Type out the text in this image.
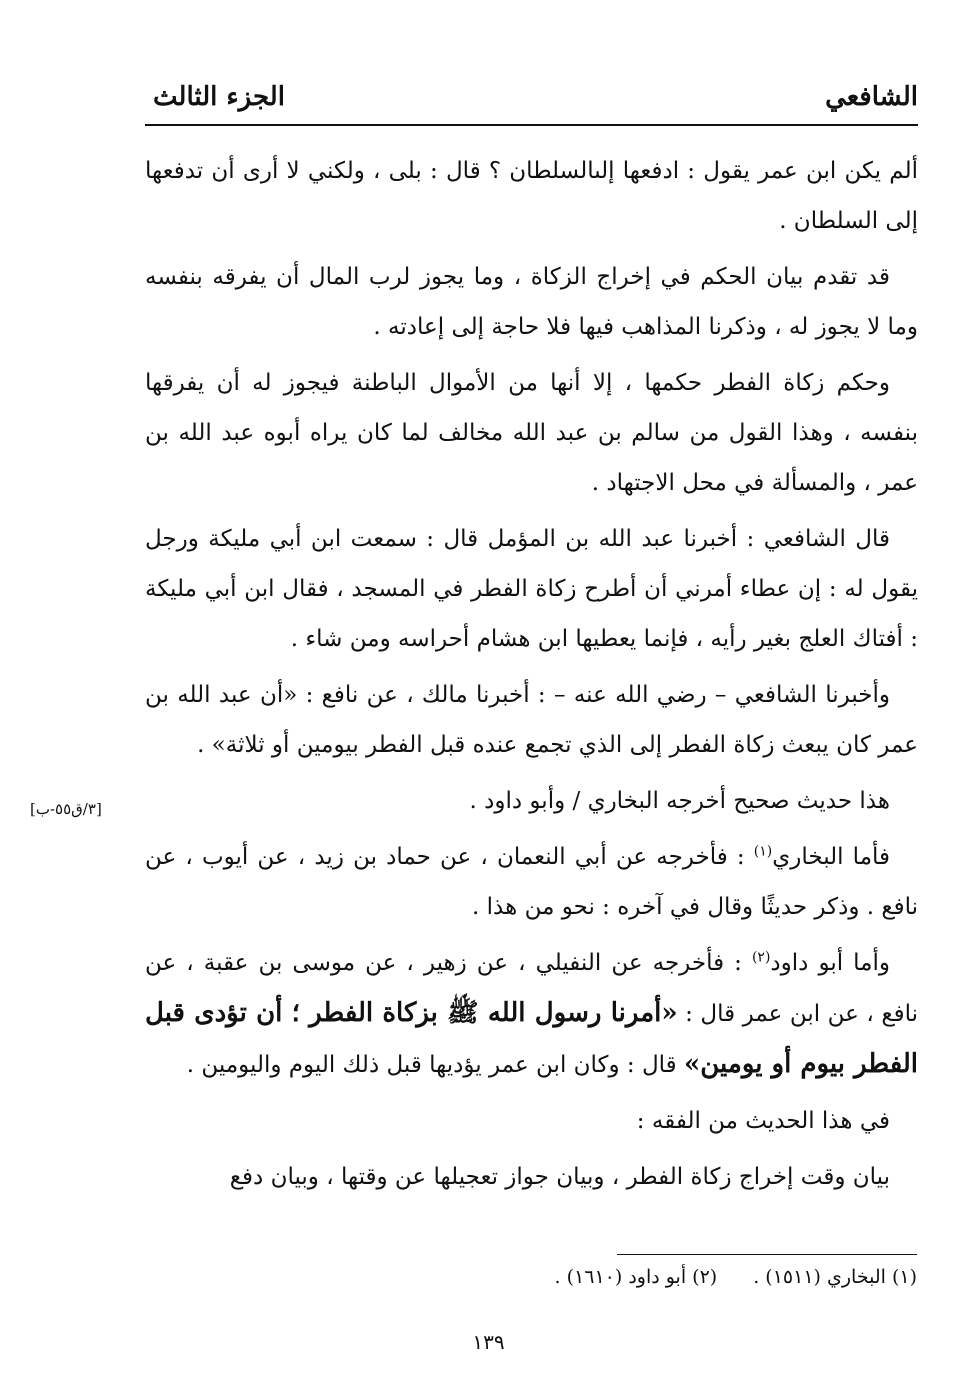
الشافعي
الجزء الثالث

ألم يكن ابن عمر يقول : ادفعها إلىالسلطان ؟ قال : بلى ، ولكني لا أرى أن تدفعها إلى السلطان .

قد تقدم بيان الحكم في إخراج الزكاة ، وما يجوز لرب المال أن يفرقه بنفسه وما لا يجوز له ، وذكرنا المذاهب فيها فلا حاجة إلى إعادته .

وحكم زكاة الفطر حكمها ، إلا أنها من الأموال الباطنة فيجوز له أن يفرقها بنفسه ، وهذا القول من سالم بن عبد الله مخالف لما كان يراه أبوه عبد الله بن عمر ، والمسألة في محل الاجتهاد .

قال الشافعي : أخبرنا عبد الله بن المؤمل قال : سمعت ابن أبي مليكة ورجل يقول له : إن عطاء أمرني أن أطرح زكاة الفطر في المسجد ، فقال ابن أبي مليكة : أفتاك العلج بغير رأيه ، فإنما يعطيها ابن هشام أحراسه ومن شاء .

وأخبرنا الشافعي – رضي الله عنه – : أخبرنا مالك ، عن نافع : «أن عبد الله بن عمر كان يبعث زكاة الفطر إلى الذي تجمع عنده قبل الفطر بيومين أو ثلاثة» .

هذا حديث صحيح أخرجه البخاري / وأبو داود .

فأما البخاري$^{(١)}$ : فأخرجه عن أبي النعمان ، عن حماد بن زيد ، عن أيوب ، عن نافع . وذكر حديثًا وقال في آخره : نحو من هذا .

وأما أبو داود$^{(٢)}$ : فأخرجه عن النفيلي ، عن زهير ، عن موسى بن عقبة ، عن نافع ، عن ابن عمر قال : «أمرنا رسول الله ﷺ بزكاة الفطر ؛ أن تؤدى قبل الفطر بيوم أو يومين» قال : وكان ابن عمر يؤديها قبل ذلك اليوم واليومين .

في هذا الحديث من الفقه :

بيان وقت إخراج زكاة الفطر ، وبيان جواز تعجيلها عن وقتها ، وبيان دفع

[٣/ق٥٥-ب]
(١) البخاري (١٥١١) .
(٢) أبو داود (١٦١٠) .
١٣٩
